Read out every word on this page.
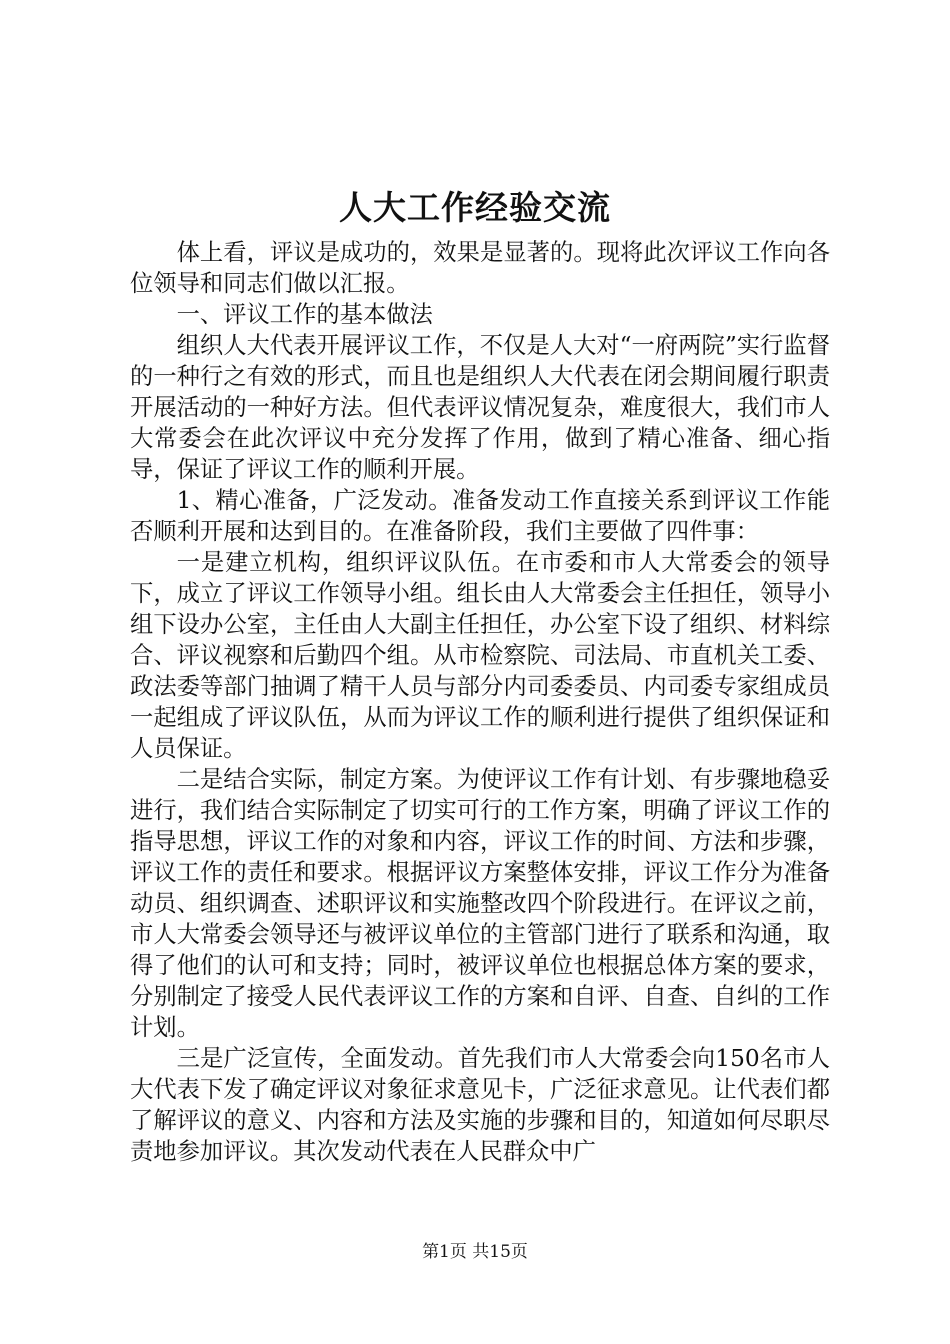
人大工作经验交流

体上看，评议是成功的，效果是显著的。现将此次评议工作向各位领导和同志们做以汇报。

一、评议工作的基本做法

组织人大代表开展评议工作，不仅是人大对“一府两院”实行监督的一种行之有效的形式，而且也是组织人大代表在闭会期间履行职责开展活动的一种好方法。但代表评议情况复杂，难度很大，我们市人大常委会在此次评议中充分发挥了作用，做到了精心准备、细心指导，保证了评议工作的顺利开展。

1、精心准备，广泛发动。准备发动工作直接关系到评议工作能否顺利开展和达到目的。在准备阶段，我们主要做了四件事：

一是建立机构，组织评议队伍。在市委和市人大常委会的领导下，成立了评议工作领导小组。组长由人大常委会主任担任，领导小组下设办公室，主任由人大副主任担任，办公室下设了组织、材料综合、评议视察和后勤四个组。从市检察院、司法局、市直机关工委、政法委等部门抽调了精干人员与部分内司委委员、内司委专家组成员一起组成了评议队伍，从而为评议工作的顺利进行提供了组织保证和人员保证。

二是结合实际，制定方案。为使评议工作有计划、有步骤地稳妥进行，我们结合实际制定了切实可行的工作方案，明确了评议工作的指导思想，评议工作的对象和内容，评议工作的时间、方法和步骤，评议工作的责任和要求。根据评议方案整体安排，评议工作分为准备动员、组织调查、述职评议和实施整改四个阶段进行。在评议之前，市人大常委会领导还与被评议单位的主管部门进行了联系和沟通，取得了他们的认可和支持；同时，被评议单位也根据总体方案的要求，分别制定了接受人民代表评议工作的方案和自评、自查、自纠的工作计划。

三是广泛宣传，全面发动。首先我们市人大常委会向150名市人大代表下发了确定评议对象征求意见卡，广泛征求意见。让代表们都了解评议的意义、内容和方法及实施的步骤和目的，知道如何尽职尽责地参加评议。其次发动代表在人民群众中广

第1页 共15页
